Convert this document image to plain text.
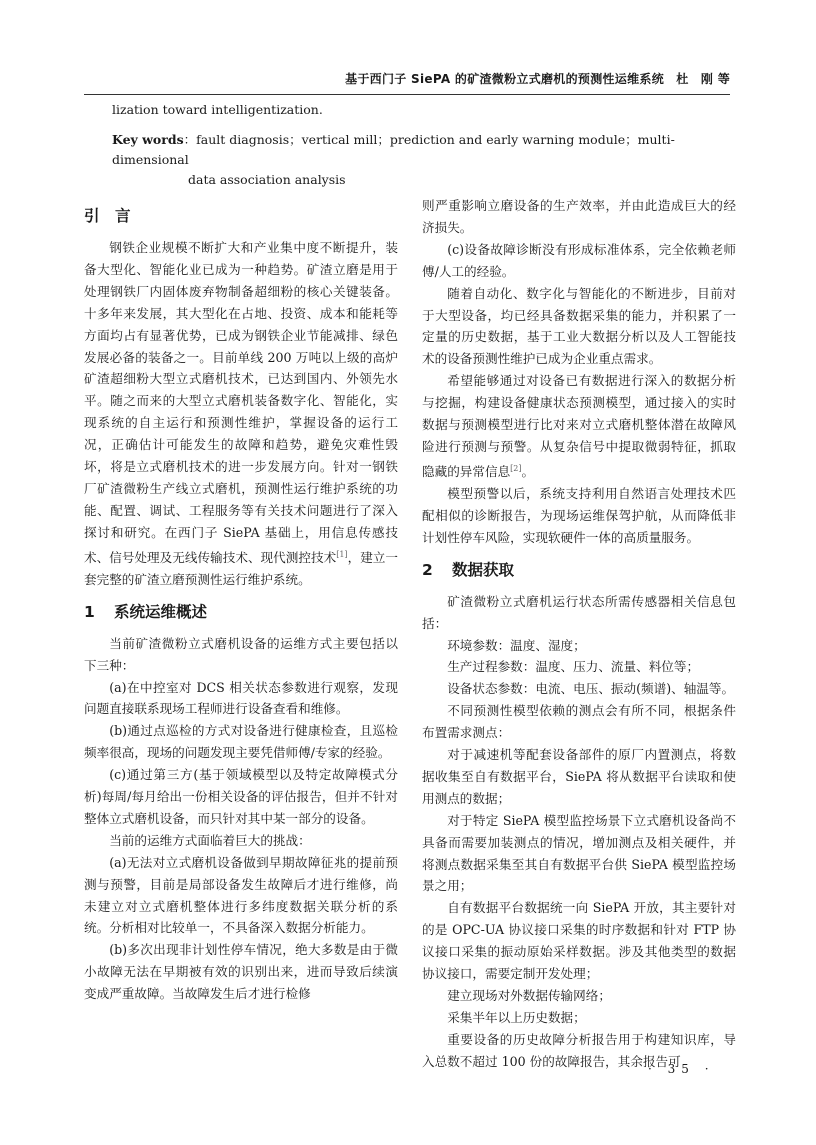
基于西门子 SiePA 的矿渣微粉立式磨机的预测性运维系统　杜　刚 等
lization toward intelligentization.
Key words：fault diagnosis；vertical mill；prediction and early warning module；multi-dimensional
data association analysis
引　言

钢铁企业规模不断扩大和产业集中度不断提升，装备大型化、智能化业已成为一种趋势。矿渣立磨是用于处理钢铁厂内固体废弃物制备超细粉的核心关键装备。十多年来发展，其大型化在占地、投资、成本和能耗等方面均占有显著优势，已成为钢铁企业节能减排、绿色发展必备的装备之一。目前单线 200 万吨以上级的高炉矿渣超细粉大型立式磨机技术，已达到国内、外领先水平。随之而来的大型立式磨机装备数字化、智能化，实现系统的自主运行和预测性维护，掌握设备的运行工况，正确估计可能发生的故障和趋势，避免灾难性毁坏，将是立式磨机技术的进一步发展方向。针对一钢铁厂矿渣微粉生产线立式磨机，预测性运行维护系统的功能、配置、调试、工程服务等有关技术问题进行了深入探讨和研究。在西门子 SiePA 基础上，用信息传感技术、信号处理及无线传输技术、现代测控技术[1]，建立一套完整的矿渣立磨预测性运行维护系统。

1 系统运维概述

当前矿渣微粉立式磨机设备的运维方式主要包括以下三种：

(a)在中控室对 DCS 相关状态参数进行观察，发现问题直接联系现场工程师进行设备查看和维修。

(b)通过点巡检的方式对设备进行健康检查，且巡检频率很高，现场的问题发现主要凭借师傅/专家的经验。

(c)通过第三方(基于领域模型以及特定故障模式分析)每周/每月给出一份相关设备的评估报告，但并不针对整体立式磨机设备，而只针对其中某一部分的设备。

当前的运维方式面临着巨大的挑战：

(a)无法对立式磨机设备做到早期故障征兆的提前预测与预警，目前是局部设备发生故障后才进行维修，尚未建立对立式磨机整体进行多纬度数据关联分析的系统。分析相对比较单一，不具备深入数据分析能力。

(b)多次出现非计划性停车情况，绝大多数是由于微小故障无法在早期被有效的识别出来，进而导致后续演变成严重故障。当故障发生后才进行检修

则严重影响立磨设备的生产效率，并由此造成巨大的经济损失。

(c)设备故障诊断没有形成标准体系，完全依赖老师傅/人工的经验。

随着自动化、数字化与智能化的不断进步，目前对于大型设备，均已经具备数据采集的能力，并积累了一定量的历史数据，基于工业大数据分析以及人工智能技术的设备预测性维护已成为企业重点需求。

希望能够通过对设备已有数据进行深入的数据分析与挖掘，构建设备健康状态预测模型，通过接入的实时数据与预测模型进行比对来对立式磨机整体潜在故障风险进行预测与预警。从复杂信号中提取微弱特征，抓取隐藏的异常信息[2]。

模型预警以后，系统支持利用自然语言处理技术匹配相似的诊断报告，为现场运维保驾护航，从而降低非计划性停车风险，实现软硬件一体的高质量服务。

2 数据获取

矿渣微粉立式磨机运行状态所需传感器相关信息包括：

环境参数：温度、湿度；

生产过程参数：温度、压力、流量、料位等；

设备状态参数：电流、电压、振动(频谱)、轴温等。

不同预测性模型依赖的测点会有所不同，根据条件布置需求测点：

对于减速机等配套设备部件的原厂内置测点，将数据收集至自有数据平台，SiePA 将从数据平台读取和使用测点的数据；

对于特定 SiePA 模型监控场景下立式磨机设备尚不具备而需要加装测点的情况，增加测点及相关硬件，并将测点数据采集至其自有数据平台供 SiePA 模型监控场景之用；

自有数据平台数据统一向 SiePA 开放，其主要针对的是 OPC-UA 协议接口采集的时序数据和针对 FTP 协议接口采集的振动原始采样数据。涉及其他类型的数据协议接口，需要定制开发处理；

建立现场对外数据传输网络；

采集半年以上历史数据；

重要设备的历史故障分析报告用于构建知识库，导入总数不超过 100 份的故障报告，其余报告可

· 35 ·
